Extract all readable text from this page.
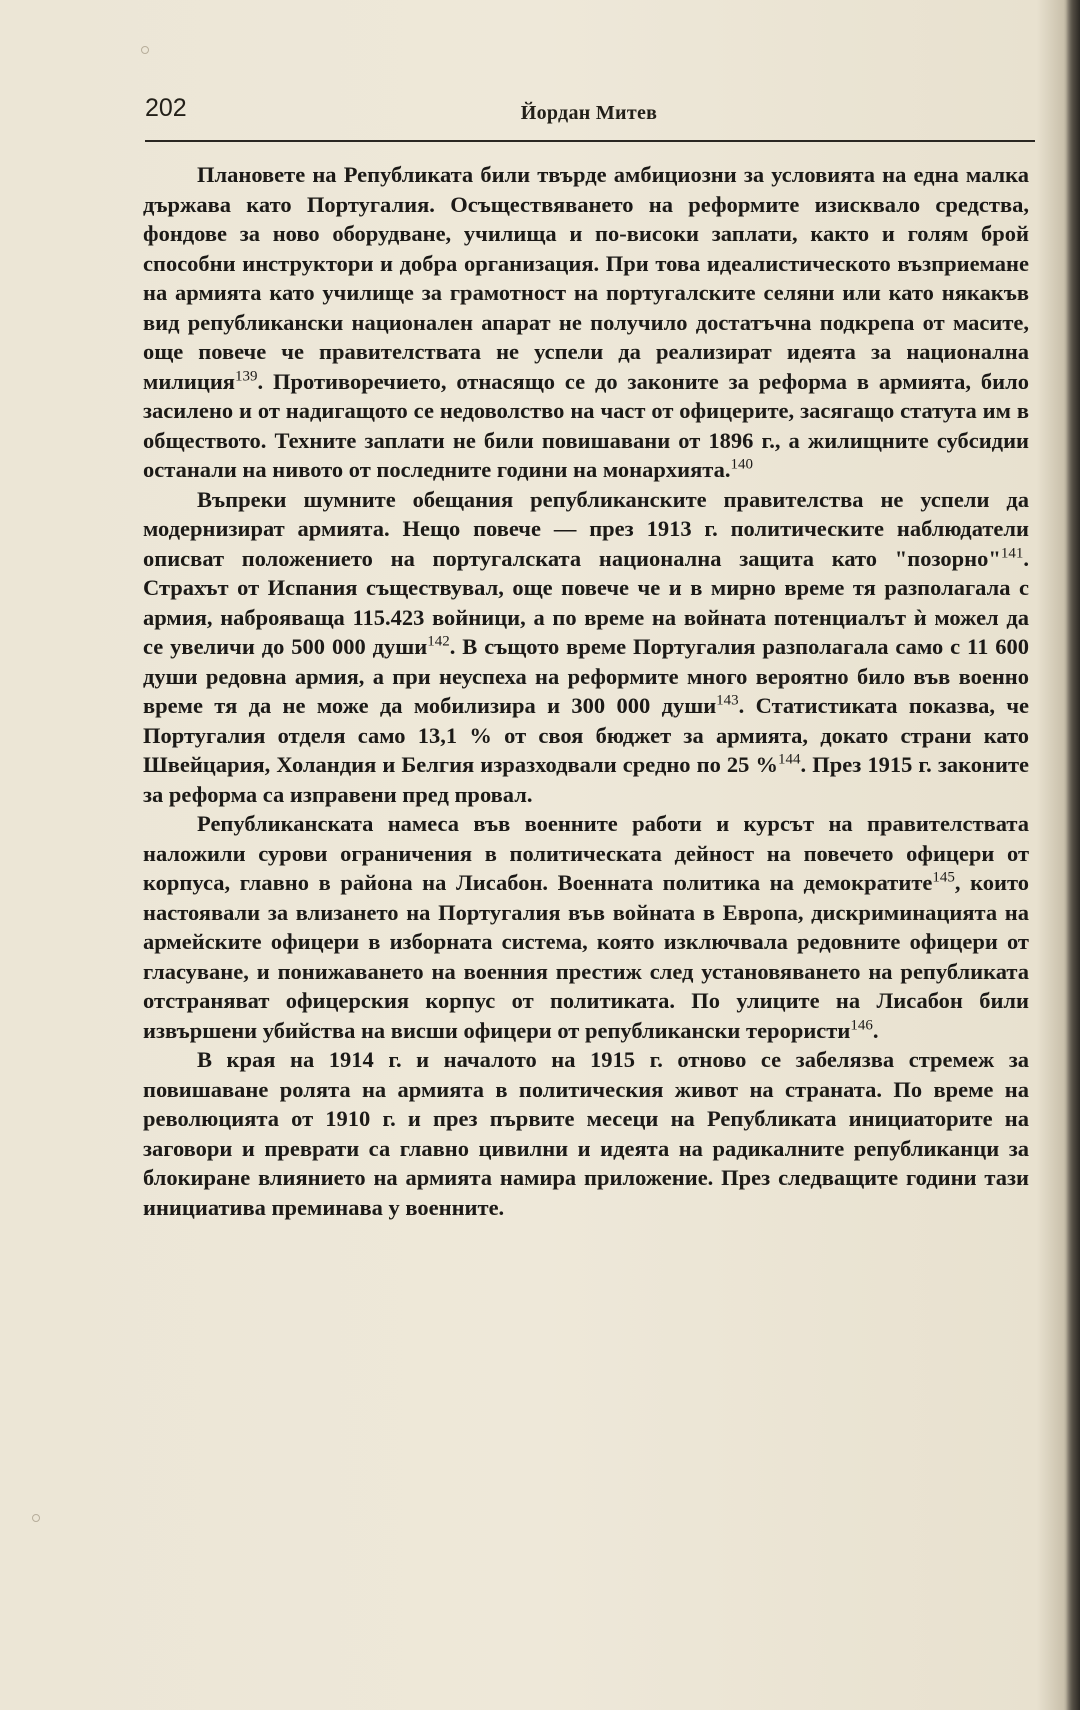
202	Йордан Митев

Плановете на Републиката били твърде амбициозни за условията на една малка държава като Португалия. Осъществяването на реформите изисквало средства, фондове за ново оборудване, училища и по-високи заплати, както и голям брой способни инструктори и добра организация. При това идеалистическото възприемане на армията като училище за грамотност на португалските селяни или като някакъв вид републикански национален апарат не получило достатъчна подкрепа от масите, още повече че правителствата не успели да реализират идеята за национална милиция$^{139}$. Противоречието, отнасящо се до законите за реформа в армията, било засилено и от надигащото се недоволство на част от офицерите, засягащо статута им в обществото. Техните заплати не били повишавани от 1896 г., а жилищните субсидии останали на нивото от последните години на монархията.$^{140}$

Въпреки шумните обещания републиканските правителства не успели да модернизират армията. Нещо повече — през 1913 г. политическите наблюдатели описват положението на португалската национална защита като "позорно"$^{141}$. Страхът от Испания съществувал, още повече че и в мирно време тя разполагала с армия, наброяваща 115.423 войници, а по време на войната потенциалът ѝ можел да се увеличи до 500 000 души$^{142}$. В същото време Португалия разполагала само с 11 600 души редовна армия, а при неуспеха на реформите много вероятно било във военно време тя да не може да мобилизира и 300 000 души$^{143}$. Статистиката показва, че Португалия отделя само 13,1 % от своя бюджет за армията, докато страни като Швейцария, Холандия и Белгия изразходвали средно по 25 %$^{144}$. През 1915 г. законите за реформа са изправени пред провал.

Републиканската намеса във военните работи и курсът на правителствата наложили сурови ограничения в политическата дейност на повечето офицери от корпуса, главно в района на Лисабон. Военната политика на демократите$^{145}$, които настоявали за влизането на Португалия във войната в Европа, дискриминацията на армейските офицери в изборната система, която изключвала редовните офицери от гласуване, и понижаването на военния престиж след установяването на републиката отстраняват офицерския корпус от политиката. По улиците на Лисабон били извършени убийства на висши офицери от републикански терористи$^{146}$.

В края на 1914 г. и началото на 1915 г. отново се забелязва стремеж за повишаване ролята на армията в политическия живот на страната. По време на революцията от 1910 г. и през първите месеци на Републиката инициаторите на заговори и преврати са главно цивилни и идеята на радикалните републиканци за блокиране влиянието на армията намира приложение. През следващите години тази инициатива преминава у военните.
